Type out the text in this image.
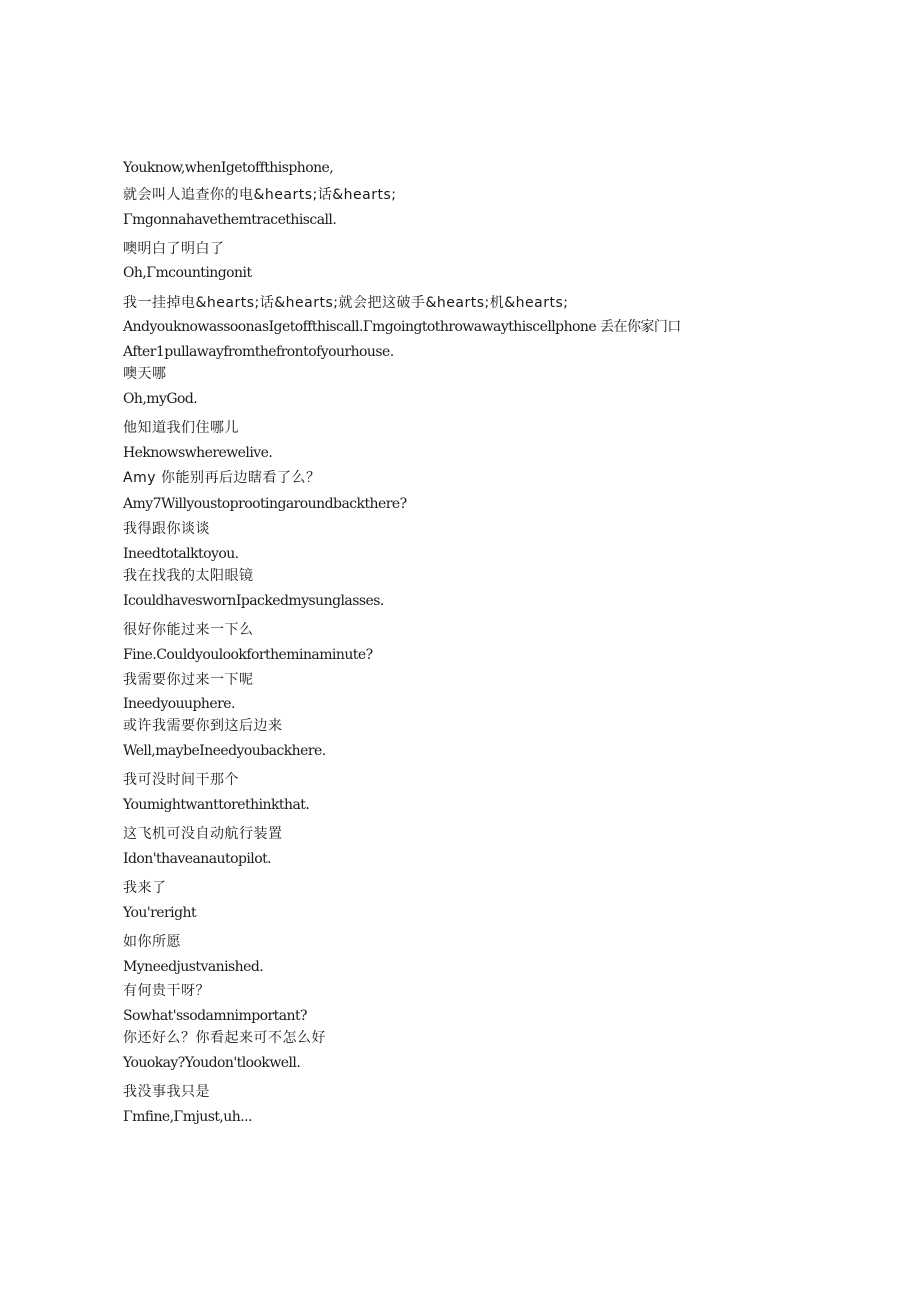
Youknow,whenIgetoffthisphone,
就会叫人追查你的电&hearts;话&hearts;
Γmgonnahavethemtracethiscall.
噢明白了明白了
Oh,Γmcountingonit
我一挂掉电&hearts;话&hearts;就会把这破手&hearts;机&hearts;
AndyouknowassoonasIgetoffthiscall.Γmgoingtothrowawaythiscellphone 丢在你家门口
After1pullawayfromthefrontofyourhouse.
噢天哪
Oh,myGod.
他知道我们住哪儿
Heknowswherewelive.
Amy 你能别再后边瞎看了么？
Amy7Willyoustoprootingaroundbackthere?
我得跟你谈谈
Ineedtotalktoyou.
我在找我的太阳眼镜
IcouldhaveswornIpackedmysunglasses.
很好你能过来一下么
Fine.Couldyoulookfortheminaminute?
我需要你过来一下呢
Ineedyouuphere.
或许我需要你到这后边来
Well,maybeIneedyoubackhere.
我可没时间干那个
Youmightwanttorethinkthat.
这飞机可没自动航行装置
Idon'thaveanautopilot.
我来了
You'reright
如你所愿
Myneedjustvanished.
有何贵干呀？
Sowhat'ssodamnimportant?
你还好么？你看起来可不怎么好
Youokay?Youdon'tlookwell.
我没事我只是
Γmfine,Γmjust,uh...
